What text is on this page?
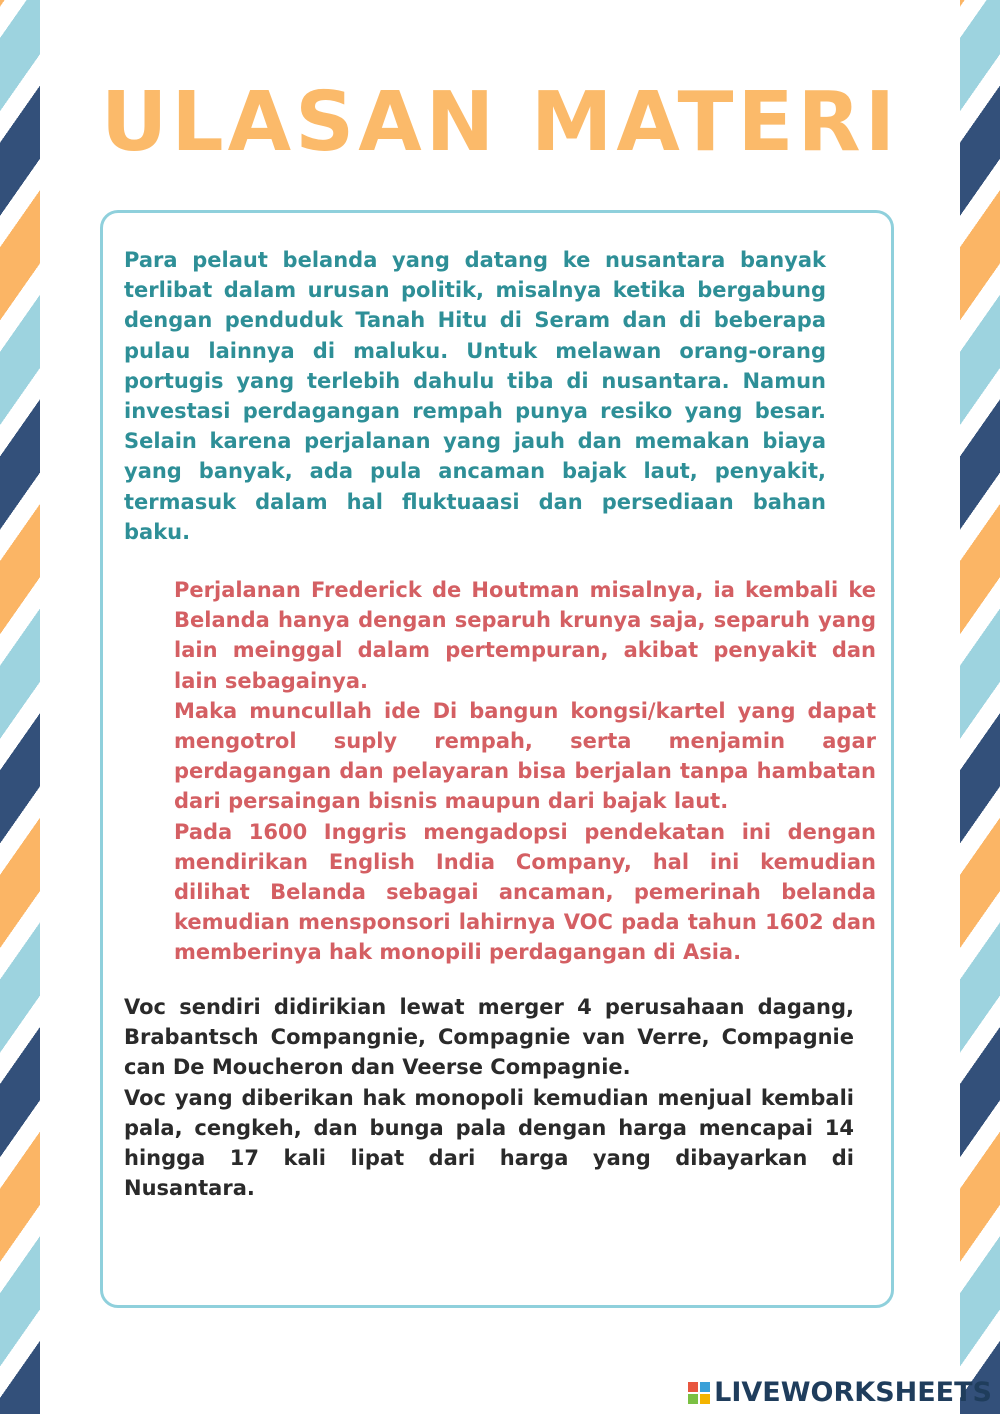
ULASAN MATERI
Para pelaut belanda yang datang ke nusantara banyak terlibat dalam urusan politik, misalnya ketika bergabung dengan penduduk Tanah Hitu di Seram dan di beberapa pulau lainnya di maluku. Untuk melawan orang-orang portugis yang terlebih dahulu tiba di nusantara. Namun investasi perdagangan rempah punya resiko yang besar. Selain karena perjalanan yang jauh dan memakan biaya yang banyak, ada pula ancaman bajak laut, penyakit, termasuk dalam hal fluktuaasi dan persediaan bahan baku.
Perjalanan Frederick de Houtman misalnya, ia kembali ke Belanda hanya dengan separuh krunya saja, separuh yang lain meinggal dalam pertempuran, akibat penyakit dan lain sebagainya.
Maka muncullah ide Di bangun kongsi/kartel yang dapat mengotrol suply rempah, serta menjamin agar perdagangan dan pelayaran bisa berjalan tanpa hambatan dari persaingan bisnis maupun dari bajak laut.
Pada 1600 Inggris mengadopsi pendekatan ini dengan mendirikan English India Company, hal ini kemudian dilihat Belanda sebagai ancaman, pemerinah belanda kemudian mensponsori lahirnya VOC pada tahun 1602 dan memberinya hak monopili perdagangan di Asia.
Voc sendiri didirikian lewat merger 4 perusahaan dagang, Brabantsch Compangnie, Compagnie van Verre, Compagnie can De Moucheron dan Veerse Compagnie.
Voc yang diberikan hak monopoli kemudian menjual kembali pala, cengkeh, dan bunga pala dengan harga mencapai 14 hingga 17 kali lipat dari harga yang dibayarkan di Nusantara.
LIVEWORKSHEETS
